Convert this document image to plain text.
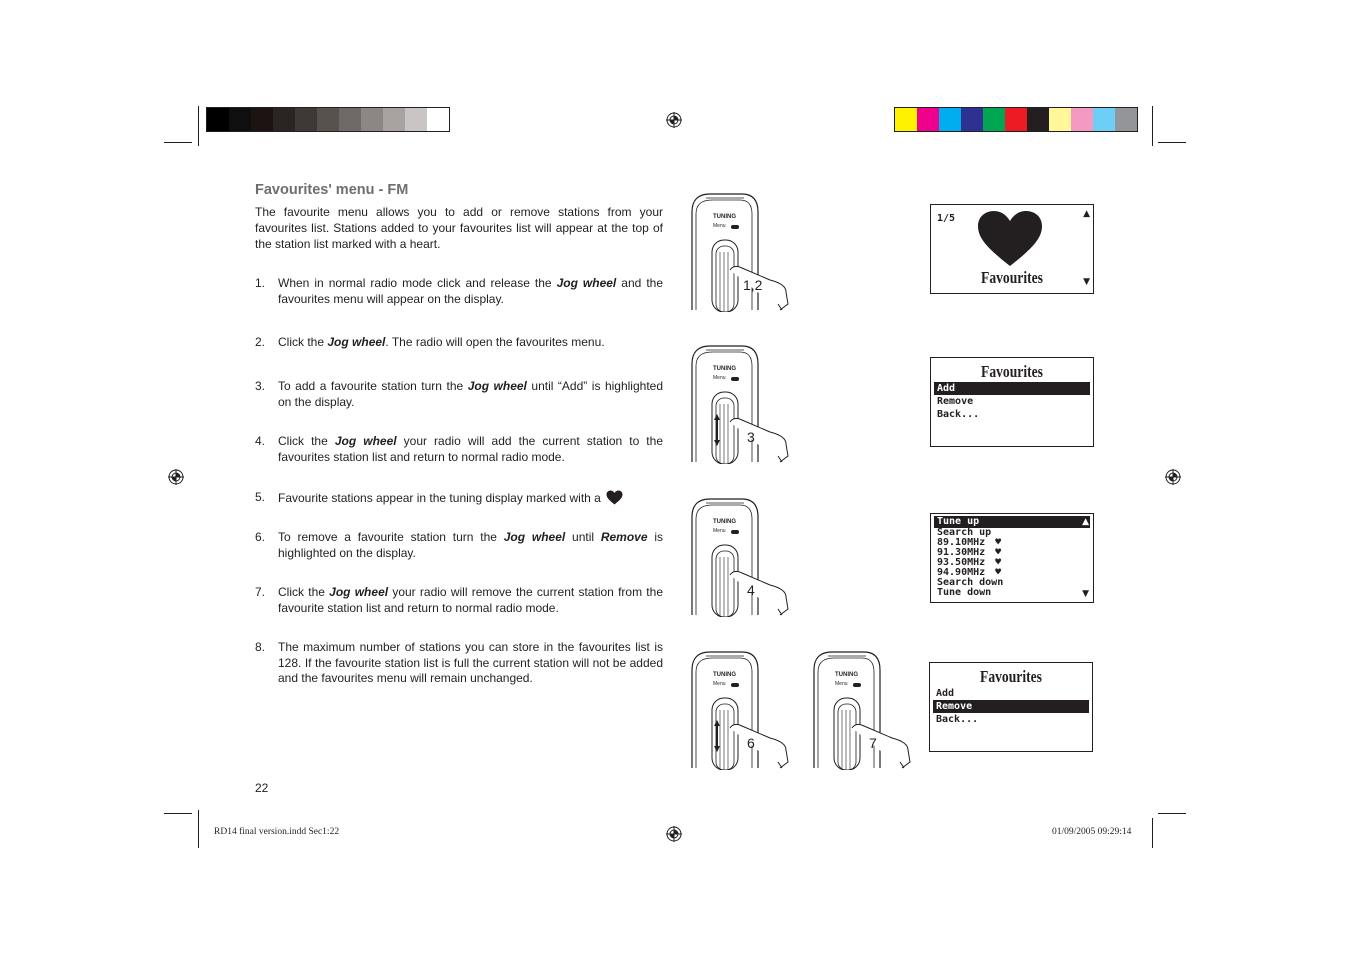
Favourites' menu - FM
The favourite menu allows you to add or remove stations from your favourites list. Stations added to your favourites list will appear at the top of the station list marked with a heart.
1.	When in normal radio mode click and release the Jog wheel and the favourites menu will appear on the display.
2.	Click the Jog wheel. The radio will open the favourites menu.
3.	To add a favourite station turn the Jog wheel until “Add” is highlighted on the display.
4.	Click the Jog wheel your radio will add the current station to the favourites station list and return to normal radio mode.
5.	Favourite stations appear in the tuning display marked with a
6.	To remove a favourite station turn the Jog wheel until Remove is highlighted on the display.
7.	Click the Jog wheel your radio will remove the current station from the favourite station list and return to normal radio mode.
8.	The maximum number of stations you can store in the favourites list is 128. If the favourite station list is full the current station will not be added and the favourites menu will remain unchanged.
22
RD14 final version.indd Sec1:22	01/09/2005 09:29:14
TUNING
Menu
1,2
TUNING
Menu
3
TUNING
Menu
4
TUNING
Menu
6
TUNING
Menu
7
1/5
Favourites
▲
▼
Favourites
Add
Remove
Back...
Tune up
Search up
89.10MHz ♥
91.30MHz ♥
93.50MHz ♥
94.90MHz ♥
Search down
Tune down
▲
▼
Favourites
Add
Remove
Back...
